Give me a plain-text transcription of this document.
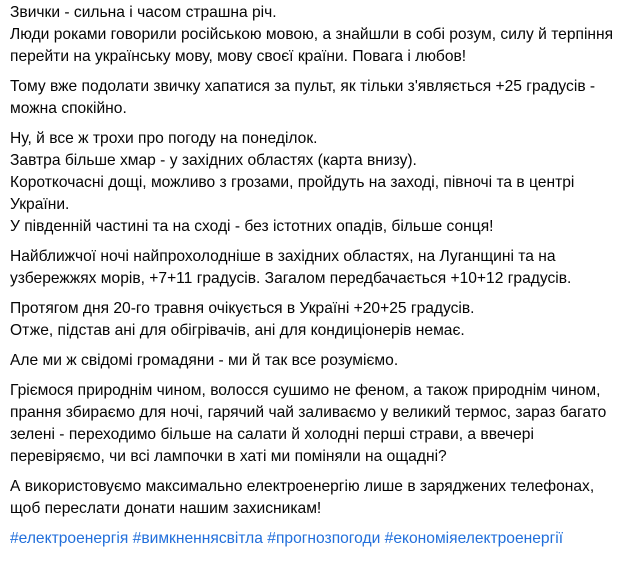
Звички - сильна і часом страшна річ.
Люди роками говорили російською мовою, а знайшли в собі розум, силу й терпіння перейти на українську мову, мову своєї країни. Повага і любов!

Тому вже подолати звичку хапатися за пульт, як тільки з'являється +25 градусів - можна спокійно.

Ну, й все ж трохи про погоду на понеділок.
Завтра більше хмар - у західних областях (карта внизу).
Короткочасні дощі, можливо з грозами, пройдуть на заході, півночі та в центрі України.
У південній частині та на сході - без істотних опадів, більше сонця!

Найближчої ночі найпрохолодніше в західних областях, на Луганщині та на узбережжях морів, +7+11 градусів. Загалом передбачається +10+12 градусів.

Протягом дня 20-го травня очікується в Україні +20+25 градусів.
Отже, підстав ані для обігрівачів, ані для кондиціонерів немає.

Але ми ж свідомі громадяни - ми й так все розуміємо.

Гріємося природнім чином, волосся сушимо не феном, а також природнім чином, прання збираємо для ночі, гарячий чай заливаємо у великий термос, зараз багато зелені - переходимо більше на салати й холодні перші страви, а ввечері перевіряємо, чи всі лампочки в хаті ми поміняли на ощадні?

А використовуємо максимально електроенергію лише в заряджених телефонах, щоб переслати донати нашим захисникам!

#електроенергія #вимкненнясвітла #прогнозпогоди #економіяелектроенергії
